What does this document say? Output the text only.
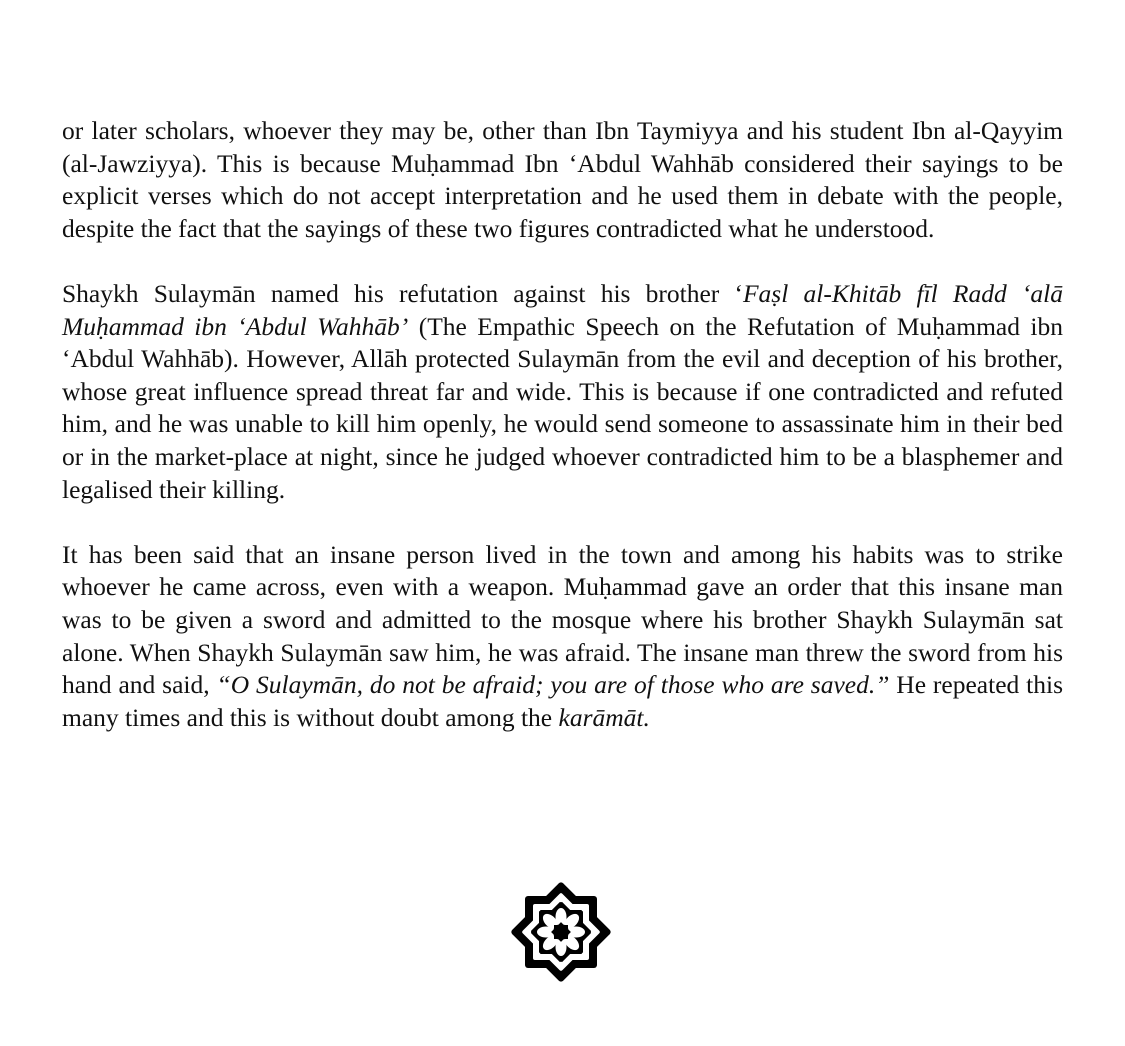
or later scholars, whoever they may be, other than Ibn Taymiyya and his student Ibn al-Qayyim (al-Jawziyya). This is because Muḥammad Ibn ‘Abdul Wahhāb considered their sayings to be explicit verses which do not accept interpretation and he used them in debate with the people, despite the fact that the sayings of these two figures contradicted what he understood.

Shaykh Sulaymān named his refutation against his brother ‘Faṣl al-Khitāb fīl Radd ‘alā Muḥammad ibn ‘Abdul Wahhāb’ (The Empathic Speech on the Refutation of Muḥammad ibn ‘Abdul Wahhāb). However, Allāh protected Sulaymān from the evil and deception of his brother, whose great influence spread threat far and wide. This is because if one contradicted and refuted him, and he was unable to kill him openly, he would send someone to assassinate him in their bed or in the market-place at night, since he judged whoever contradicted him to be a blasphemer and legalised their killing.

It has been said that an insane person lived in the town and among his habits was to strike whoever he came across, even with a weapon. Muḥammad gave an order that this insane man was to be given a sword and admitted to the mosque where his brother Shaykh Sulaymān sat alone. When Shaykh Sulaymān saw him, he was afraid. The insane man threw the sword from his hand and said, “O Sulaymān, do not be afraid; you are of those who are saved.” He repeated this many times and this is without doubt among the karāmāt.
